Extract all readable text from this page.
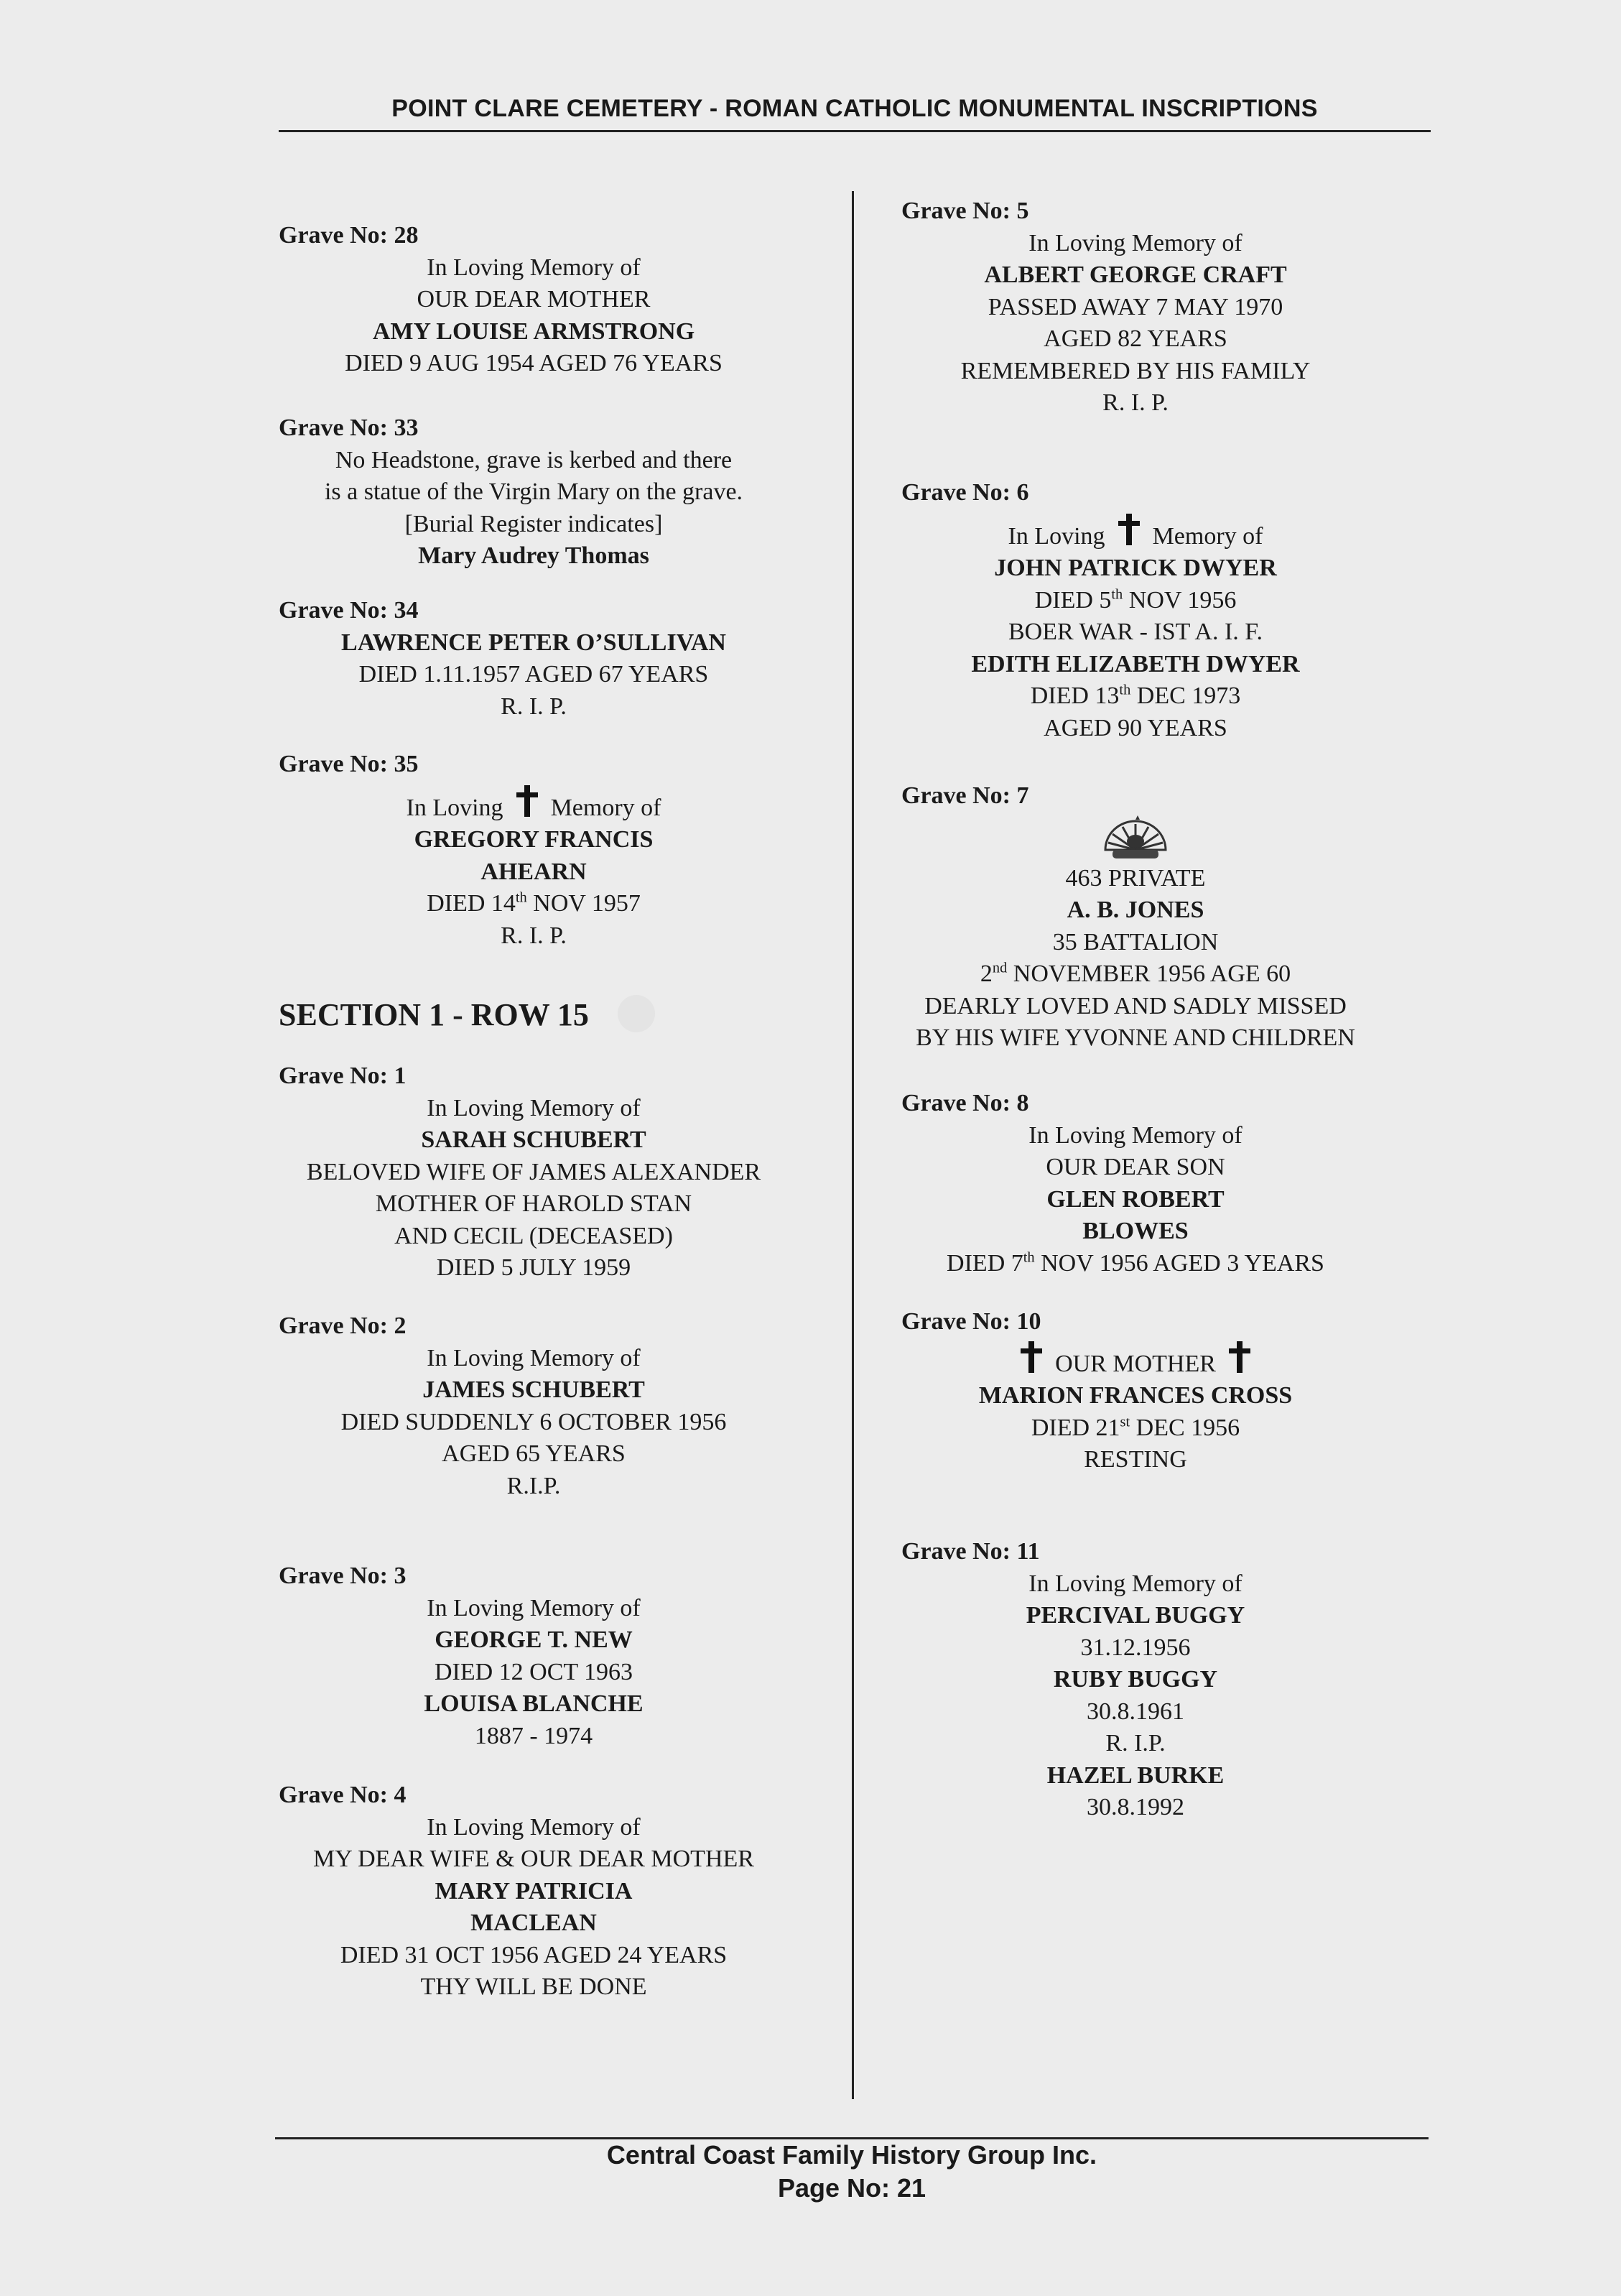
POINT CLARE CEMETERY - ROMAN CATHOLIC MONUMENTAL INSCRIPTIONS
Grave No: 28
In Loving Memory of
OUR DEAR MOTHER
AMY LOUISE ARMSTRONG
DIED 9 AUG 1954 AGED 76 YEARS
Grave No: 33
No Headstone, grave is kerbed and there
is a statue of the Virgin Mary on the grave.
[Burial Register indicates]
Mary Audrey Thomas
Grave No: 34
LAWRENCE PETER O’SULLIVAN
DIED 1.11.1957 AGED 67 YEARS
R. I. P.
Grave No: 35
In Loving Memory of
GREGORY FRANCIS
AHEARN
DIED 14th NOV 1957
R. I. P.
SECTION 1 - ROW 15
Grave No: 1
In Loving Memory of
SARAH SCHUBERT
BELOVED WIFE OF JAMES ALEXANDER
MOTHER OF HAROLD STAN
AND CECIL (DECEASED)
DIED 5 JULY 1959
Grave No: 2
In Loving Memory of
JAMES SCHUBERT
DIED SUDDENLY 6 OCTOBER 1956
AGED 65 YEARS
R.I.P.
Grave No: 3
In Loving Memory of
GEORGE T. NEW
DIED 12 OCT 1963
LOUISA BLANCHE
1887 - 1974
Grave No: 4
In Loving Memory of
MY DEAR WIFE & OUR DEAR MOTHER
MARY PATRICIA
MACLEAN
DIED 31 OCT 1956 AGED 24 YEARS
THY WILL BE DONE
Grave No: 5
In Loving Memory of
ALBERT GEORGE CRAFT
PASSED AWAY 7 MAY 1970
AGED 82 YEARS
REMEMBERED BY HIS FAMILY
R. I. P.
Grave No: 6
In Loving Memory of
JOHN PATRICK DWYER
DIED 5th NOV 1956
BOER WAR - IST A. I. F.
EDITH ELIZABETH DWYER
DIED 13th DEC 1973
AGED 90 YEARS
Grave No: 7
463 PRIVATE
A. B. JONES
35 BATTALION
2nd NOVEMBER 1956 AGE 60
DEARLY LOVED AND SADLY MISSED
BY HIS WIFE YVONNE AND CHILDREN
Grave No: 8
In Loving Memory of
OUR DEAR SON
GLEN ROBERT
BLOWES
DIED 7th NOV 1956 AGED 3 YEARS
Grave No: 10
OUR MOTHER
MARION FRANCES CROSS
DIED 21st DEC 1956
RESTING
Grave No: 11
In Loving Memory of
PERCIVAL BUGGY
31.12.1956
RUBY BUGGY
30.8.1961
R. I.P.
HAZEL BURKE
30.8.1992
Central Coast Family History Group Inc.
Page No: 21
